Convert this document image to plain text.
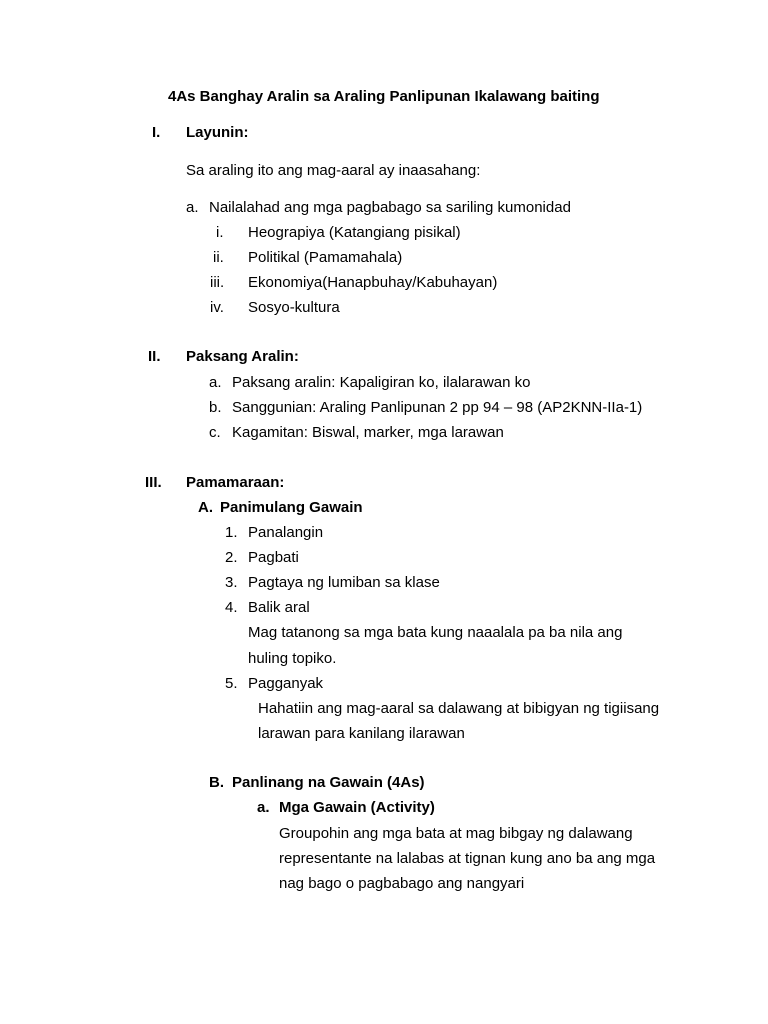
4As Banghay Aralin sa Araling Panlipunan Ikalawang baiting
I. Layunin:
Sa araling ito ang mag-aaral ay inaasahang:
a. Nailalahad ang mga pagbabago sa sariling kumonidad
i. Heograpiya (Katangiang pisikal)
ii. Politikal (Pamamahala)
iii. Ekonomiya(Hanapbuhay/Kabuhayan)
iv. Sosyo-kultura
II. Paksang Aralin:
a. Paksang aralin: Kapaligiran ko, ilalarawan ko
b. Sanggunian: Araling Panlipunan 2 pp 94 – 98 (AP2KNN-IIa-1)
c. Kagamitan: Biswal, marker, mga larawan
III. Pamamaraan:
A. Panimulang Gawain
1. Panalangin
2. Pagbati
3. Pagtaya ng lumiban sa klase
4. Balik aral
Mag tatanong sa mga bata kung naaalala pa ba nila ang
huling topiko.
5. Pagganyak
Hahatiin ang mag-aaral sa dalawang at bibigyan ng tigiisang
larawan para kanilang ilarawan
B. Panlinang na Gawain (4As)
a. Mga Gawain (Activity)
Groupohin ang mga bata at mag bibgay ng dalawang
representante na lalabas at tignan kung ano ba ang mga
nag bago o pagbabago ang nangyari
